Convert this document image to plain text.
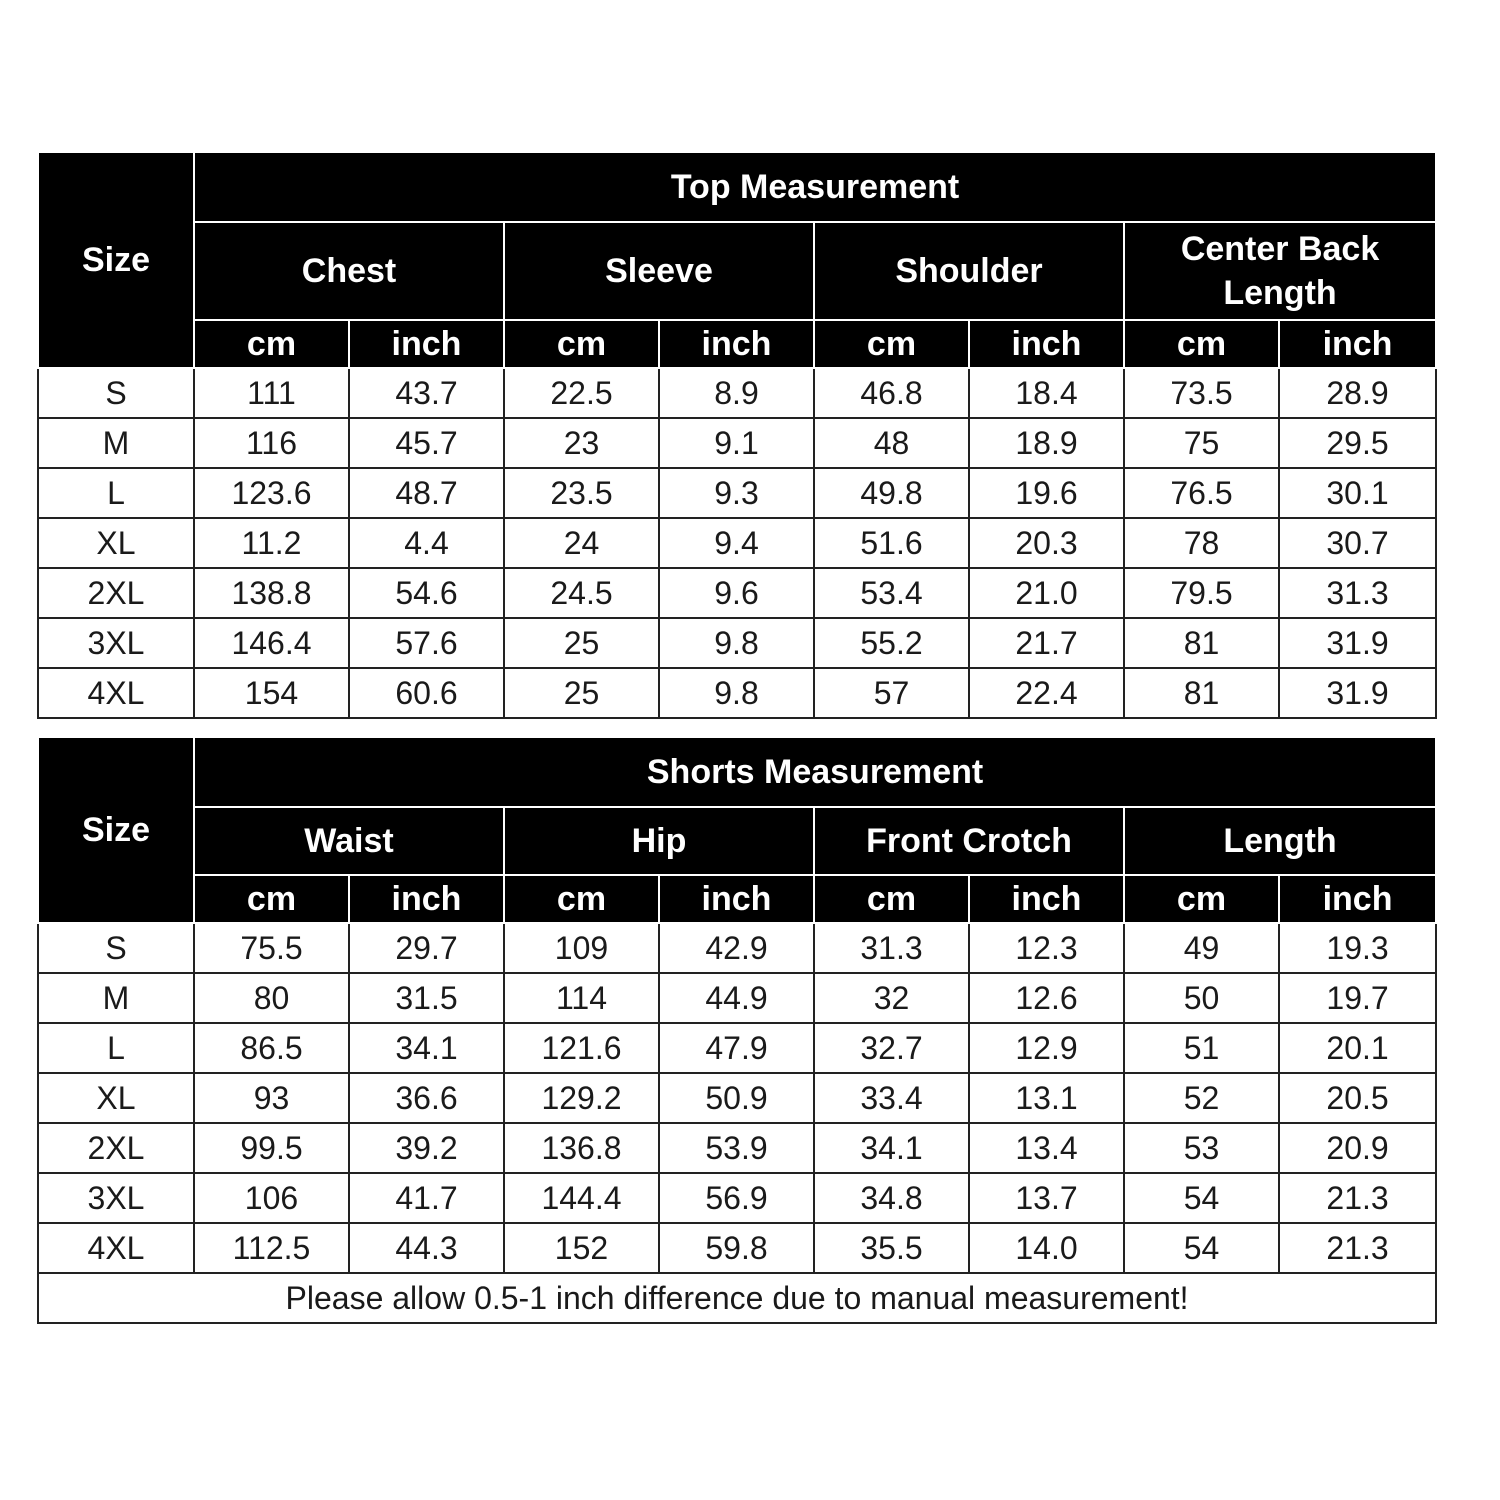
Size	Top Measurement							
	Chest		Sleeve		Shoulder		Center Back Length	
	cm	inch	cm	inch	cm	inch	cm	inch
S	111	43.7	22.5	8.9	46.8	18.4	73.5	28.9
M	116	45.7	23	9.1	48	18.9	75	29.5
L	123.6	48.7	23.5	9.3	49.8	19.6	76.5	30.1
XL	11.2	4.4	24	9.4	51.6	20.3	78	30.7
2XL	138.8	54.6	24.5	9.6	53.4	21.0	79.5	31.3
3XL	146.4	57.6	25	9.8	55.2	21.7	81	31.9
4XL	154	60.6	25	9.8	57	22.4	81	31.9
Size	Shorts Measurement							
	Waist		Hip		Front Crotch		Length	
	cm	inch	cm	inch	cm	inch	cm	inch
S	75.5	29.7	109	42.9	31.3	12.3	49	19.3
M	80	31.5	114	44.9	32	12.6	50	19.7
L	86.5	34.1	121.6	47.9	32.7	12.9	51	20.1
XL	93	36.6	129.2	50.9	33.4	13.1	52	20.5
2XL	99.5	39.2	136.8	53.9	34.1	13.4	53	20.9
3XL	106	41.7	144.4	56.9	34.8	13.7	54	21.3
4XL	112.5	44.3	152	59.8	35.5	14.0	54	21.3
Please allow 0.5-1 inch difference due to manual measurement!								
